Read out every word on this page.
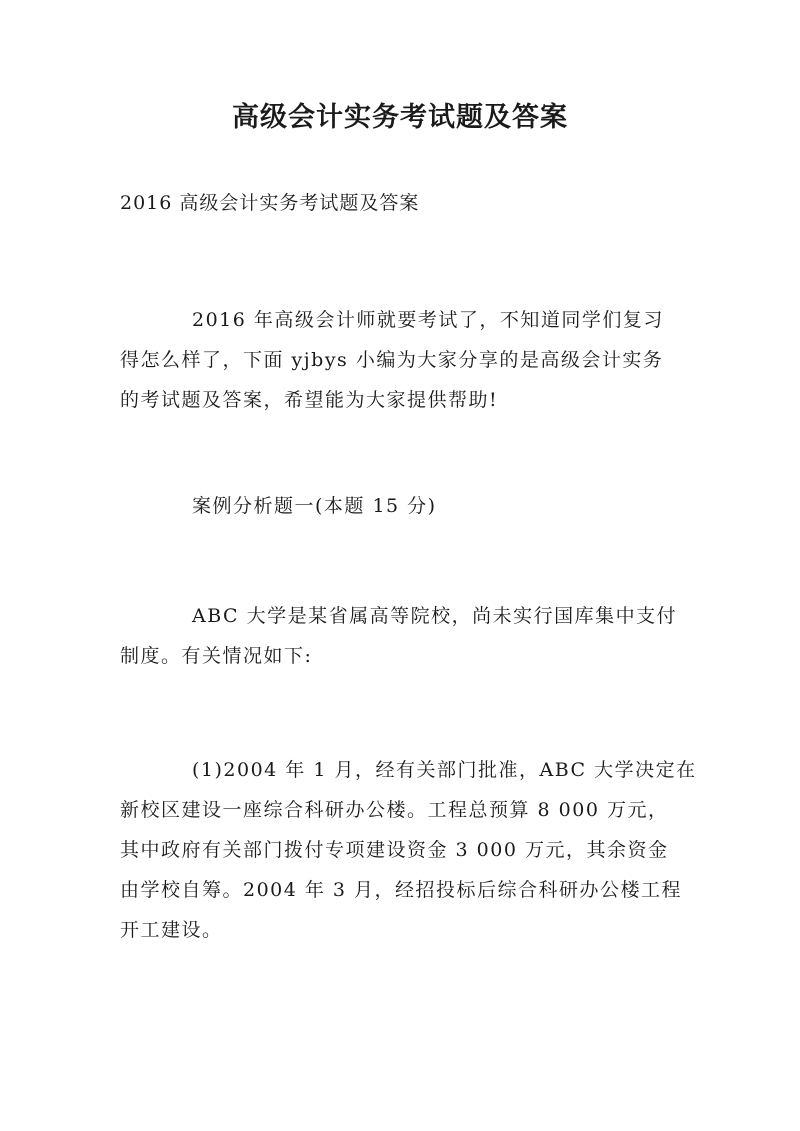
高级会计实务考试题及答案

2016 高级会计实务考试题及答案

2016 年高级会计师就要考试了，不知道同学们复习
得怎么样了，下面 yjbys 小编为大家分享的是高级会计实务
的考试题及答案，希望能为大家提供帮助!

案例分析题一(本题 15 分)

ABC 大学是某省属高等院校，尚未实行国库集中支付
制度。有关情况如下:

(1)2004 年 1 月，经有关部门批准，ABC 大学决定在
新校区建设一座综合科研办公楼。工程总预算 8 000 万元，
其中政府有关部门拨付专项建设资金 3 000 万元，其余资金
由学校自筹。2004 年 3 月，经招投标后综合科研办公楼工程
开工建设。
